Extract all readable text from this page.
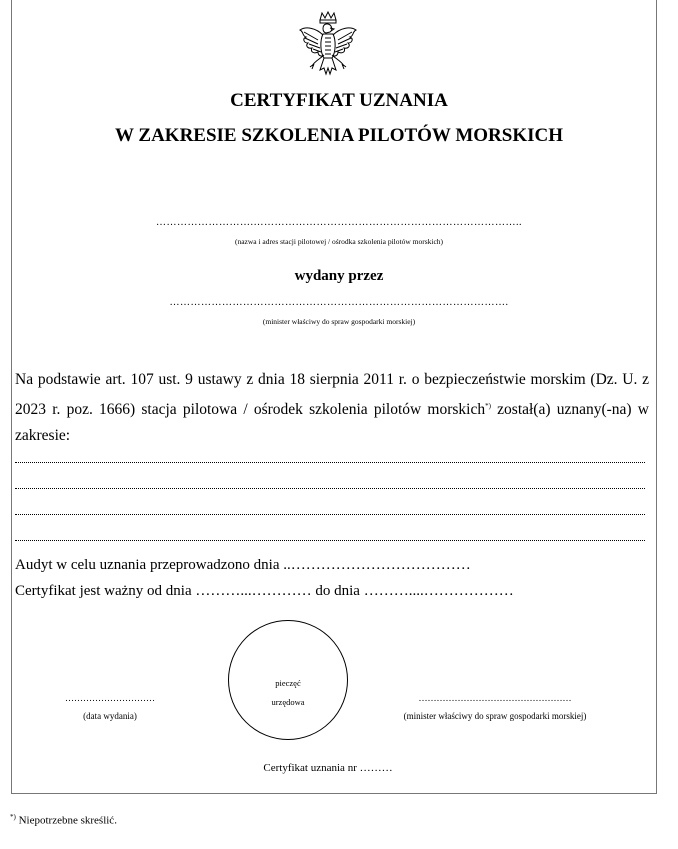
CERTYFIKAT UZNANIA
W ZAKRESIE SZKOLENIA PILOTÓW MORSKICH
……………………….…………………………………………………………………..
(nazwa i adres stacji pilotowej / ośrodka szkolenia pilotów morskich)
wydany przez
…………………………………………………………………………………….
(minister właściwy do spraw gospodarki morskiej)
Na podstawie art. 107 ust. 9 ustawy z dnia 18 sierpnia 2011 r. o bezpieczeństwie morskim (Dz. U. z 2023 r. poz. 1666) stacja pilotowa / ośrodek szkolenia pilotów morskich*) został(a) uznany(-na) w zakresie:
Audyt w celu uznania przeprowadzono dnia ..………………………………
Certyfikat jest ważny od dnia ………...………… do dnia ………....………………
pieczęć
urzędowa
…………………………
(data wydania)
……………………………………………
(minister właściwy do spraw gospodarki morskiej)
Certyfikat uznania nr ………
*) Niepotrzebne skreślić.
